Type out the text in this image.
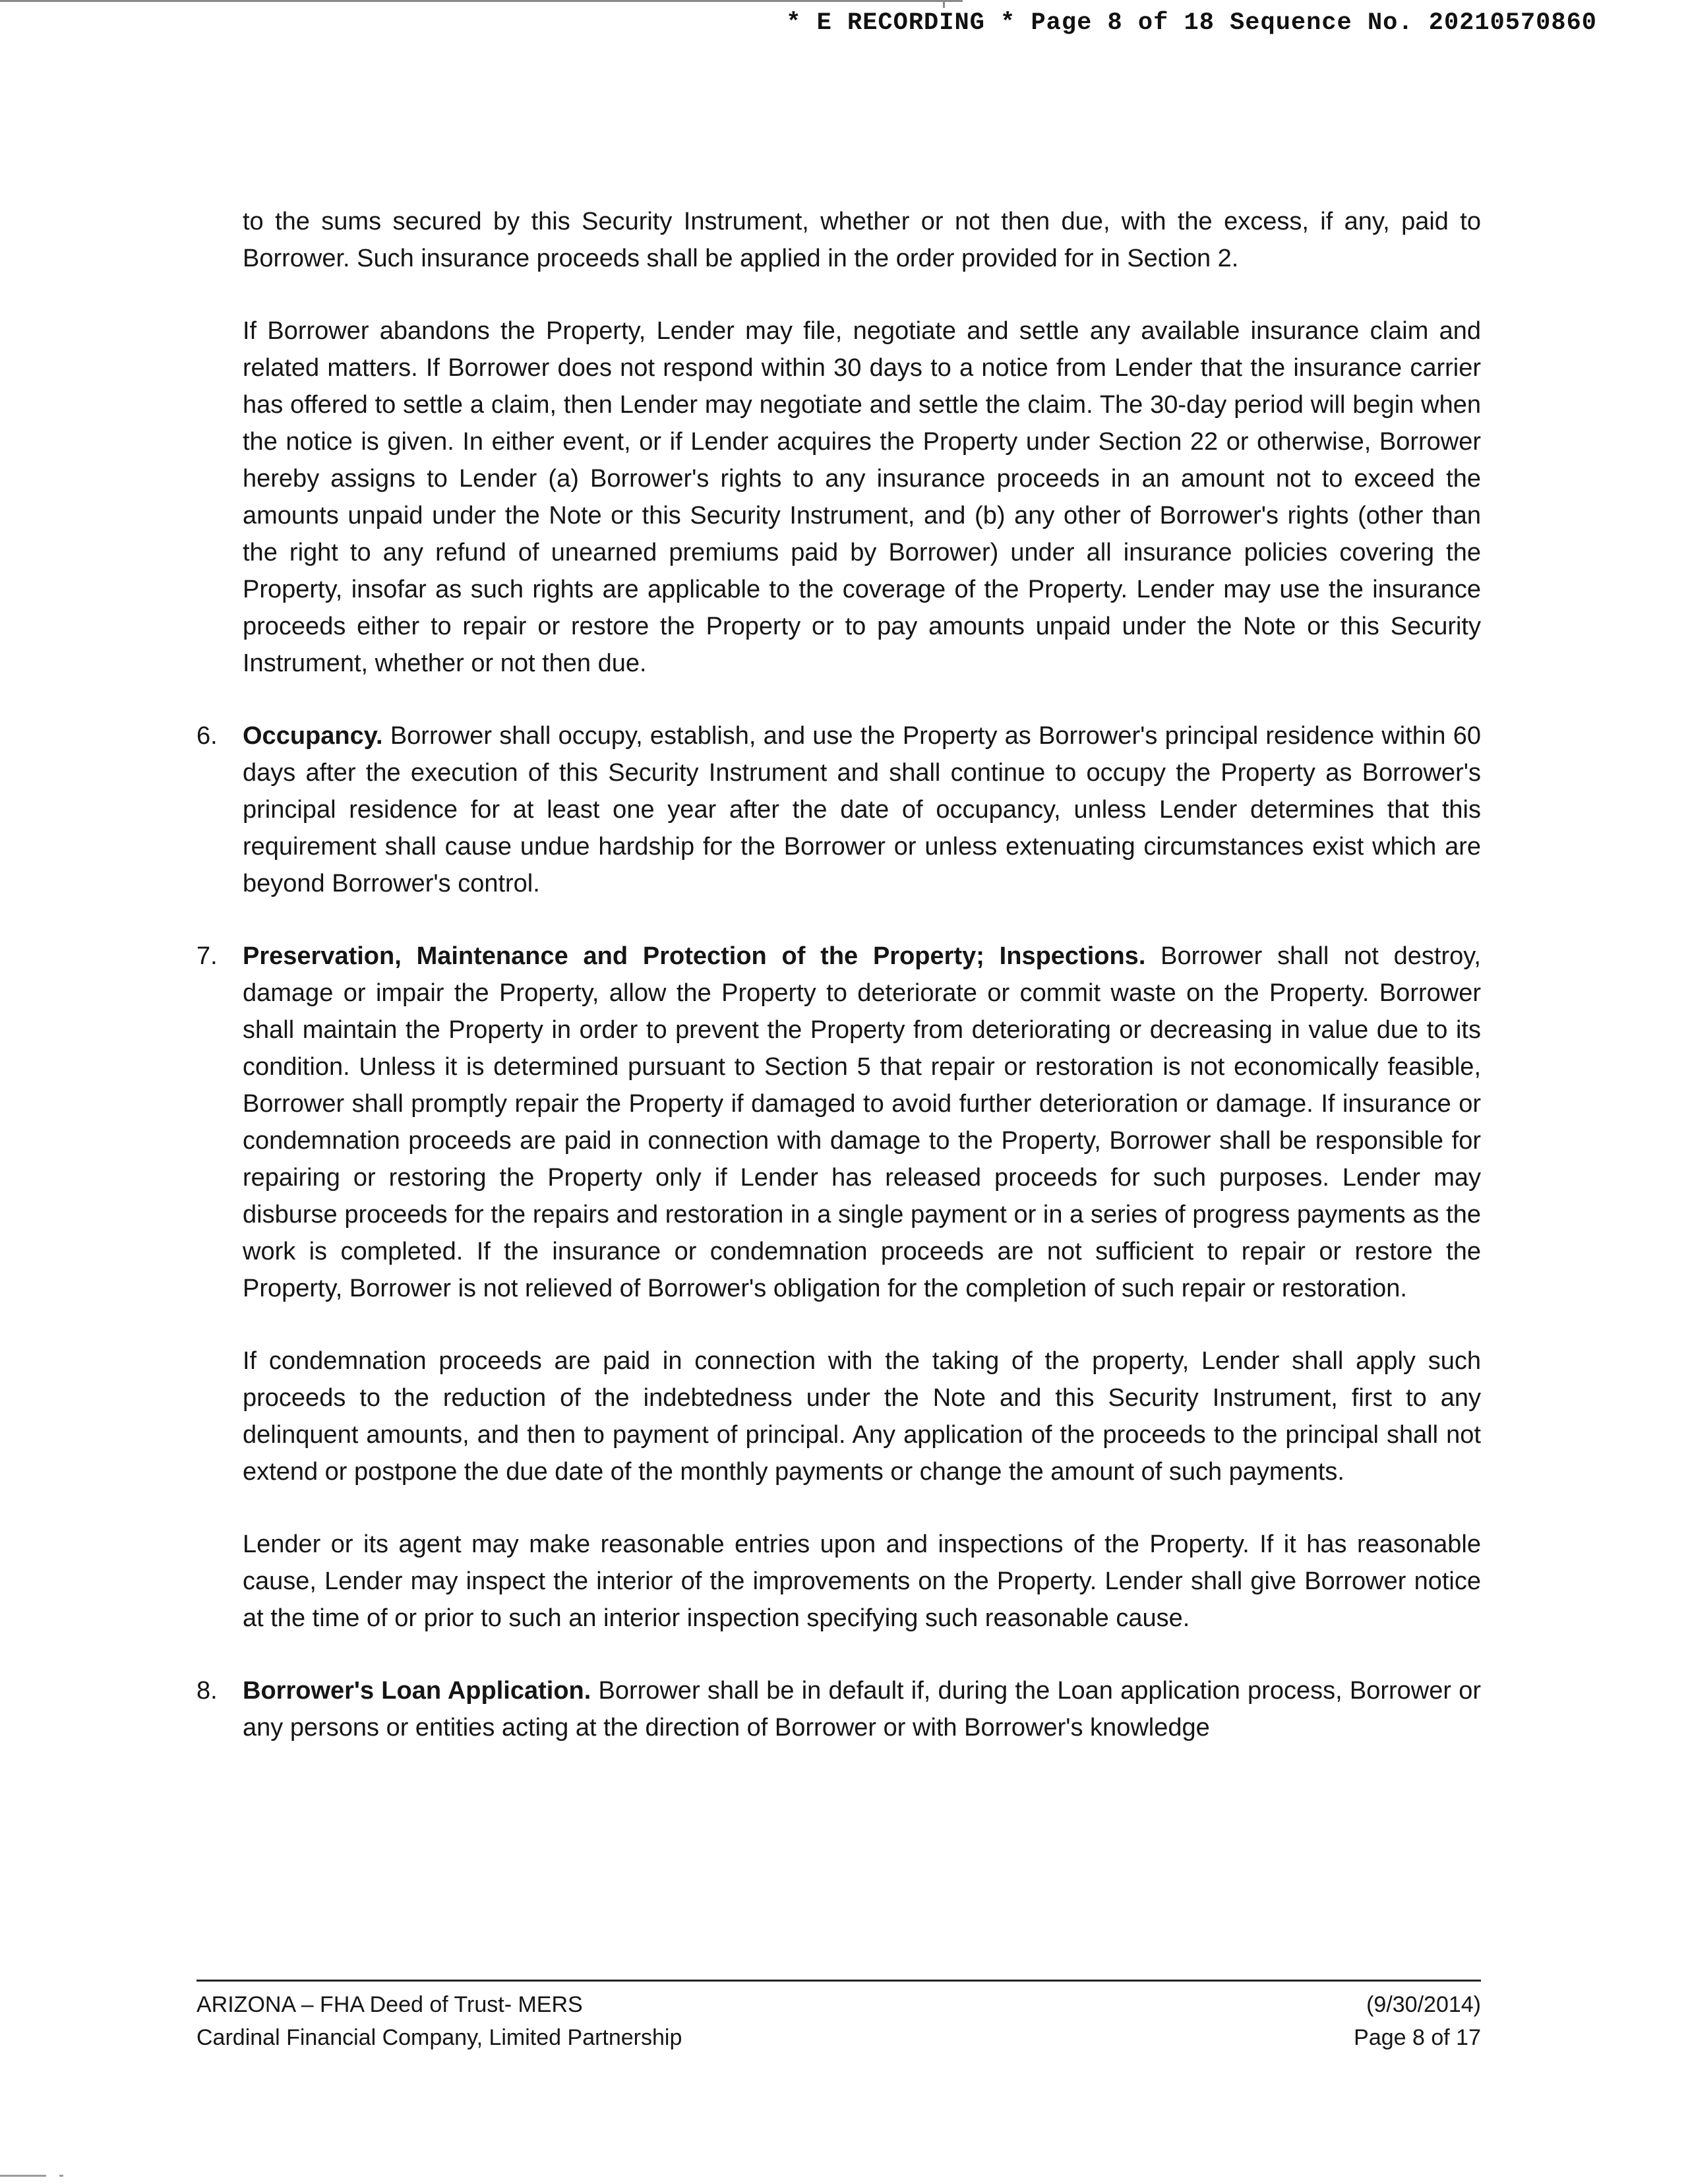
* E RECORDING * Page 8 of 18 Sequence No. 20210570860

to the sums secured by this Security Instrument, whether or not then due, with the excess, if any, paid to Borrower. Such insurance proceeds shall be applied in the order provided for in Section 2.

If Borrower abandons the Property, Lender may file, negotiate and settle any available insurance claim and related matters. If Borrower does not respond within 30 days to a notice from Lender that the insurance carrier has offered to settle a claim, then Lender may negotiate and settle the claim. The 30-day period will begin when the notice is given. In either event, or if Lender acquires the Property under Section 22 or otherwise, Borrower hereby assigns to Lender (a) Borrower's rights to any insurance proceeds in an amount not to exceed the amounts unpaid under the Note or this Security Instrument, and (b) any other of Borrower's rights (other than the right to any refund of unearned premiums paid by Borrower) under all insurance policies covering the Property, insofar as such rights are applicable to the coverage of the Property. Lender may use the insurance proceeds either to repair or restore the Property or to pay amounts unpaid under the Note or this Security Instrument, whether or not then due.

6.	Occupancy. Borrower shall occupy, establish, and use the Property as Borrower's principal residence within 60 days after the execution of this Security Instrument and shall continue to occupy the Property as Borrower's principal residence for at least one year after the date of occupancy, unless Lender determines that this requirement shall cause undue hardship for the Borrower or unless extenuating circumstances exist which are beyond Borrower's control.
7.	Preservation, Maintenance and Protection of the Property; Inspections. Borrower shall not destroy, damage or impair the Property, allow the Property to deteriorate or commit waste on the Property. Borrower shall maintain the Property in order to prevent the Property from deteriorating or decreasing in value due to its condition. Unless it is determined pursuant to Section 5 that repair or restoration is not economically feasible, Borrower shall promptly repair the Property if damaged to avoid further deterioration or damage. If insurance or condemnation proceeds are paid in connection with damage to the Property, Borrower shall be responsible for repairing or restoring the Property only if Lender has released proceeds for such purposes. Lender may disburse proceeds for the repairs and restoration in a single payment or in a series of progress payments as the work is completed. If the insurance or condemnation proceeds are not sufficient to repair or restore the Property, Borrower is not relieved of Borrower's obligation for the completion of such repair or restoration.

If condemnation proceeds are paid in connection with the taking of the property, Lender shall apply such proceeds to the reduction of the indebtedness under the Note and this Security Instrument, first to any delinquent amounts, and then to payment of principal. Any application of the proceeds to the principal shall not extend or postpone the due date of the monthly payments or change the amount of such payments.

Lender or its agent may make reasonable entries upon and inspections of the Property. If it has reasonable cause, Lender may inspect the interior of the improvements on the Property. Lender shall give Borrower notice at the time of or prior to such an interior inspection specifying such reasonable cause.

8.	Borrower's Loan Application. Borrower shall be in default if, during the Loan application process, Borrower or any persons or entities acting at the direction of Borrower or with Borrower's knowledge
ARIZONA – FHA Deed of Trust- MERS	(9/30/2014)
Cardinal Financial Company, Limited Partnership	Page 8 of 17
